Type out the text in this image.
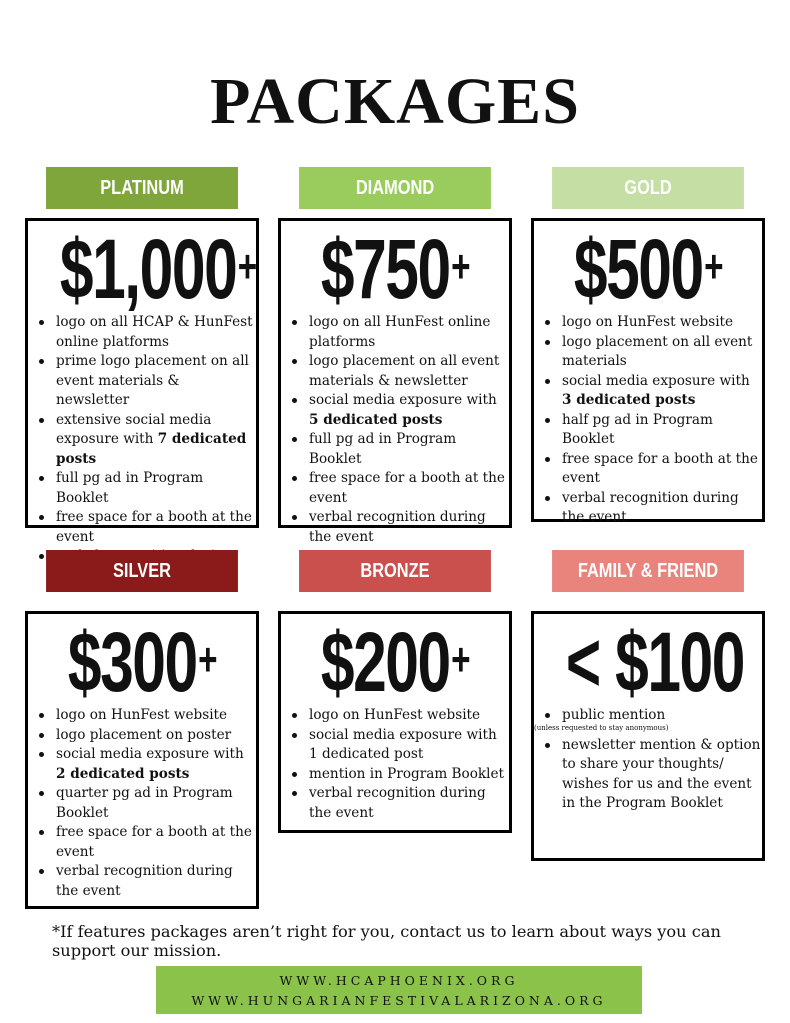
PACKAGES
PLATINUM	DIAMOND	GOLD
$1,000+
logo on all HCAP & HunFest online platforms
prime logo placement on all event materials & newsletter
extensive social media exposure with 7 dedicated posts
full pg ad in Program Booklet
free space for a booth at the event
$750+
logo on all HunFest online platforms
logo placement on all event materials & newsletter
social media exposure with 5 dedicated posts
full pg ad in Program Booklet
free space for a booth at the event
verbal recognition during the event
$500+
logo on HunFest website
logo placement on all event materials
social media exposure with 3 dedicated posts
half pg ad in Program Booklet
free space for a booth at the event
verbal recognition during the event
SILVER	BRONZE	FAMILY & FRIEND
$300+
logo on HunFest website
logo placement on poster
social media exposure with 2 dedicated posts
quarter pg ad in Program Booklet
free space for a booth at the event
verbal recognition during the event
$200+
logo on HunFest website
social media exposure with 1 dedicated post
mention in Program Booklet
verbal recognition during the event
< $100
public mention
(unless requested to stay anonymous)
newsletter mention & option to share your thoughts/ wishes for us and the event in the Program Booklet
*If features packages aren’t right for you, contact us to learn about ways you can support our mission.
WWW.HCAPHOENIX.ORG
WWW.HUNGARIANFESTIVALARIZONA.ORG
